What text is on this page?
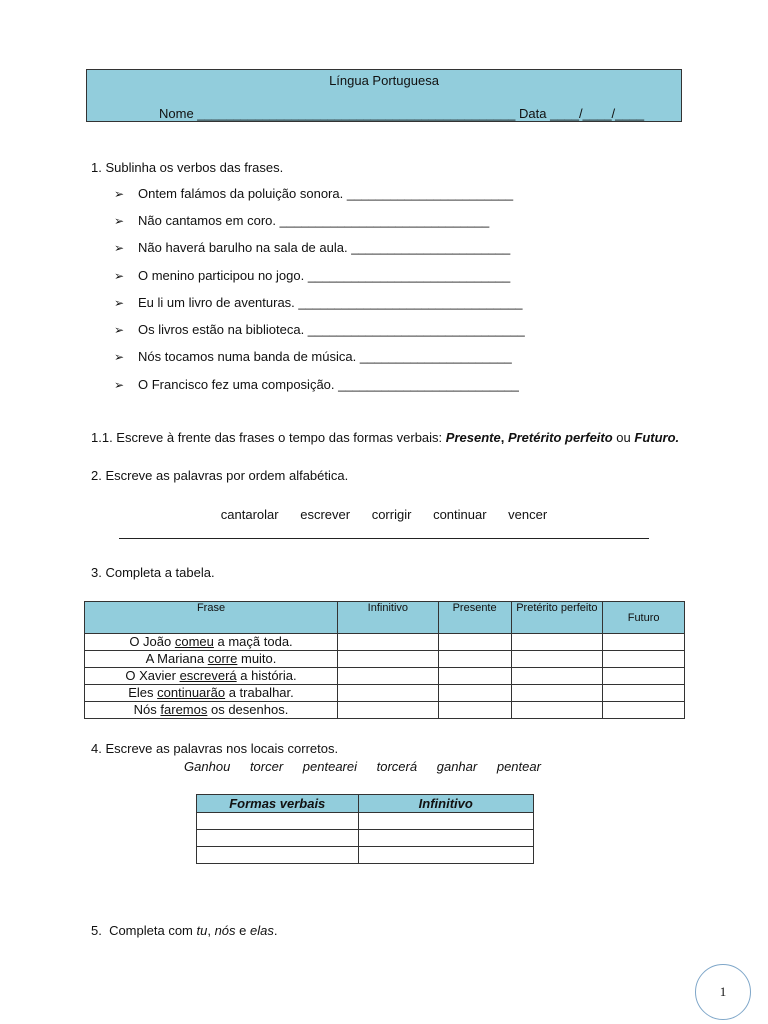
Língua Portuguesa
Nome ____________________________________________ Data ____/____/____
1. Sublinha os verbos das frases.
➢ Ontem falámos da poluição sonora. _______________________
➢ Não cantamos em coro. _____________________________
➢ Não haverá barulho na sala de aula. ______________________
➢ O menino participou no jogo. ____________________________
➢ Eu li um livro de aventuras. _______________________________
➢ Os livros estão na biblioteca. ______________________________
➢ Nós tocamos numa banda de música. _____________________
➢ O Francisco fez uma composição. _________________________
1.1. Escreve à frente das frases o tempo das formas verbais: Presente, Pretérito perfeito ou Futuro.
2. Escreve as palavras por ordem alfabética.
cantarolar escrever corrigir continuar vencer
3. Completa a tabela.
Frase	Infinitivo	Presente	Pretérito perfeito	Futuro
O João comeu a maçã toda.				
A Mariana corre muito.				
O Xavier escreverá a história.				
Eles continuarão a trabalhar.				
Nós faremos os desenhos.				
4. Escreve as palavras nos locais corretos.
Ganhou torcer pentearei torcerá ganhar pentear
Formas verbais	Infinitivo

5.  Completa com tu, nós e elas.
1
